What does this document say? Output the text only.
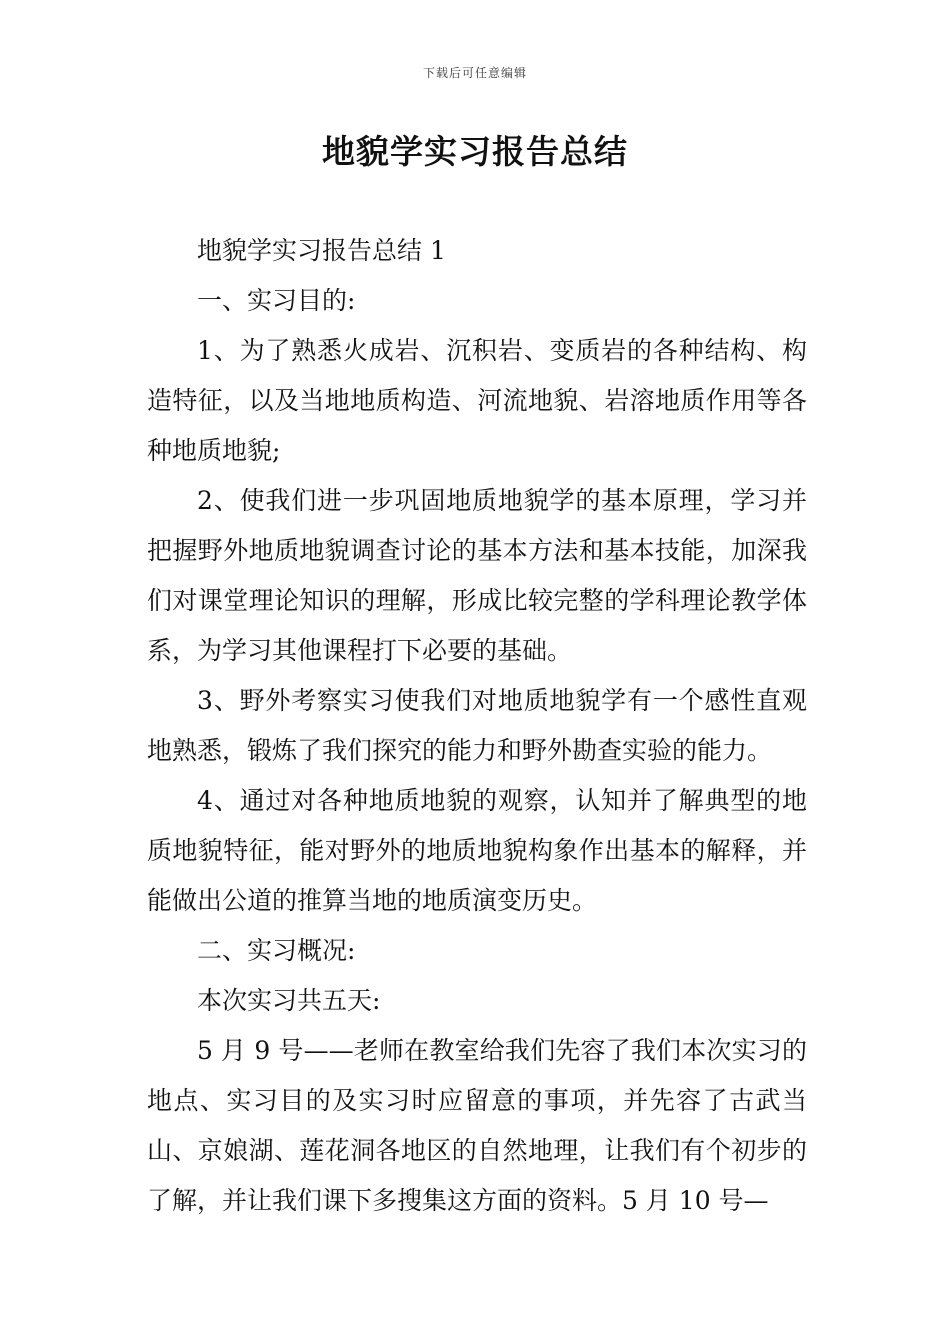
下载后可任意编辑
地貌学实习报告总结

地貌学实习报告总结 1

一、实习目的:

1、为了熟悉火成岩、沉积岩、变质岩的各种结构、构造特征，以及当地地质构造、河流地貌、岩溶地质作用等各种地质地貌;

2、使我们进一步巩固地质地貌学的基本原理，学习并把握野外地质地貌调查讨论的基本方法和基本技能，加深我们对课堂理论知识的理解，形成比较完整的学科理论教学体系，为学习其他课程打下必要的基础。

3、野外考察实习使我们对地质地貌学有一个感性直观地熟悉，锻炼了我们探究的能力和野外勘查实验的能力。

4、通过对各种地质地貌的观察，认知并了解典型的地质地貌特征，能对野外的地质地貌构象作出基本的解释，并能做出公道的推算当地的地质演变历史。

二、实习概况:

本次实习共五天:

5 月 9 号——老师在教室给我们先容了我们本次实习的地点、实习目的及实习时应留意的事项，并先容了古武当山、京娘湖、莲花洞各地区的自然地理，让我们有个初步的了解，并让我们课下多搜集这方面的资料。5 月 10 号—
